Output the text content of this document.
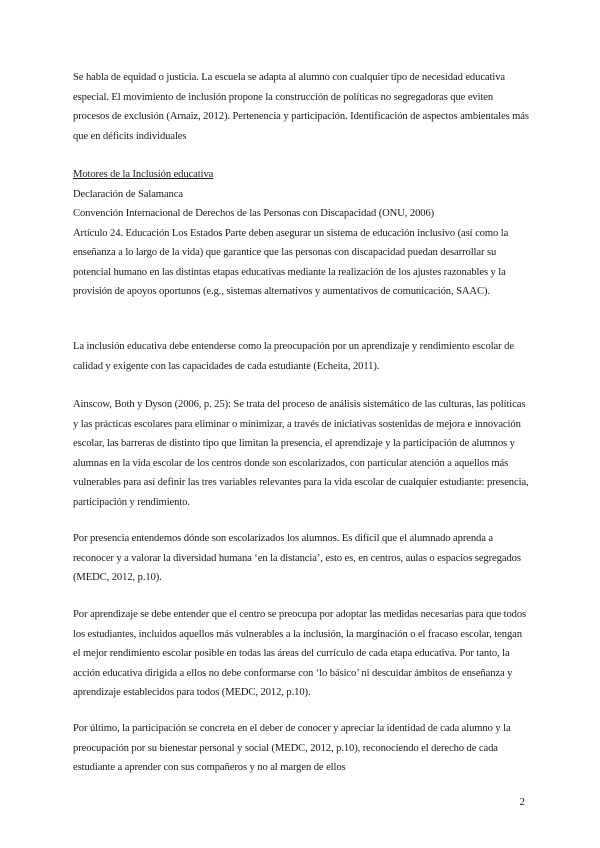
Se habla de equidad o justicia. La escuela se adapta al alumno con cualquier tipo de necesidad educativa especial. El movimiento de inclusión propone la construcción de políticas no segregadoras que eviten procesos de exclusión (Arnaiz, 2012). Pertenencia y participación. Identificación de aspectos ambientales más que en déficits individuales

Motores de la Inclusión educativa

Declaración de Salamanca

Convención Internacional de Derechos de las Personas con Discapacidad (ONU, 2006)

Artículo 24. Educación Los Estados Parte deben asegurar un sistema de educación inclusivo (así como la enseñanza a lo largo de la vida) que garantice que las personas con discapacidad puedan desarrollar su potencial humano en las distintas etapas educativas mediante la realización de los ajustes razonables y la provisión de apoyos oportunos (e.g., sistemas alternativos y aumentativos de comunicación, SAAC).

La inclusión educativa debe entenderse como la preocupación por un aprendizaje y rendimiento escolar de calidad y exigente con las capacidades de cada estudiante (Echeita, 2011).

Ainscow, Both y Dyson (2006, p. 25): Se trata del proceso de análisis sistemático de las culturas, las políticas y las prácticas escolares para eliminar o minimizar, a través de iniciativas sostenidas de mejora e innovación escolar, las barreras de distinto tipo que limitan la presencia, el aprendizaje y la participación de alumnos y alumnas en la vida escolar de los centros donde son escolarizados, con particular atención a aquellos más vulnerables para así definir las tres variables relevantes para la vida escolar de cualquier estudiante: presencia, participación y rendimiento.

Por presencia entendemos dónde son escolarizados los alumnos. Es difícil que el alumnado aprenda a reconocer y a valorar la diversidad humana ‘en la distancia’, esto es, en centros, aulas o espacios segregados (MEDC, 2012, p.10).

Por aprendizaje se debe entender que el centro se preocupa por adoptar las medidas necesarias para que todos los estudiantes, incluidos aquellos más vulnerables a la inclusión, la marginación o el fracaso escolar, tengan el mejor rendimiento escolar posible en todas las áreas del currículo de cada etapa educativa. Por tanto, la acción educativa dirigida a ellos no debe conformarse con ‘lo básico’ ni descuidar ámbitos de enseñanza y aprendizaje establecidos para todos (MEDC, 2012, p.10).

Por último, la participación se concreta en el deber de conocer y apreciar la identidad de cada alumno y la preocupación por su bienestar personal y social (MEDC, 2012, p.10), reconociendo el derecho de cada estudiante a aprender con sus compañeros y no al margen de ellos

2
